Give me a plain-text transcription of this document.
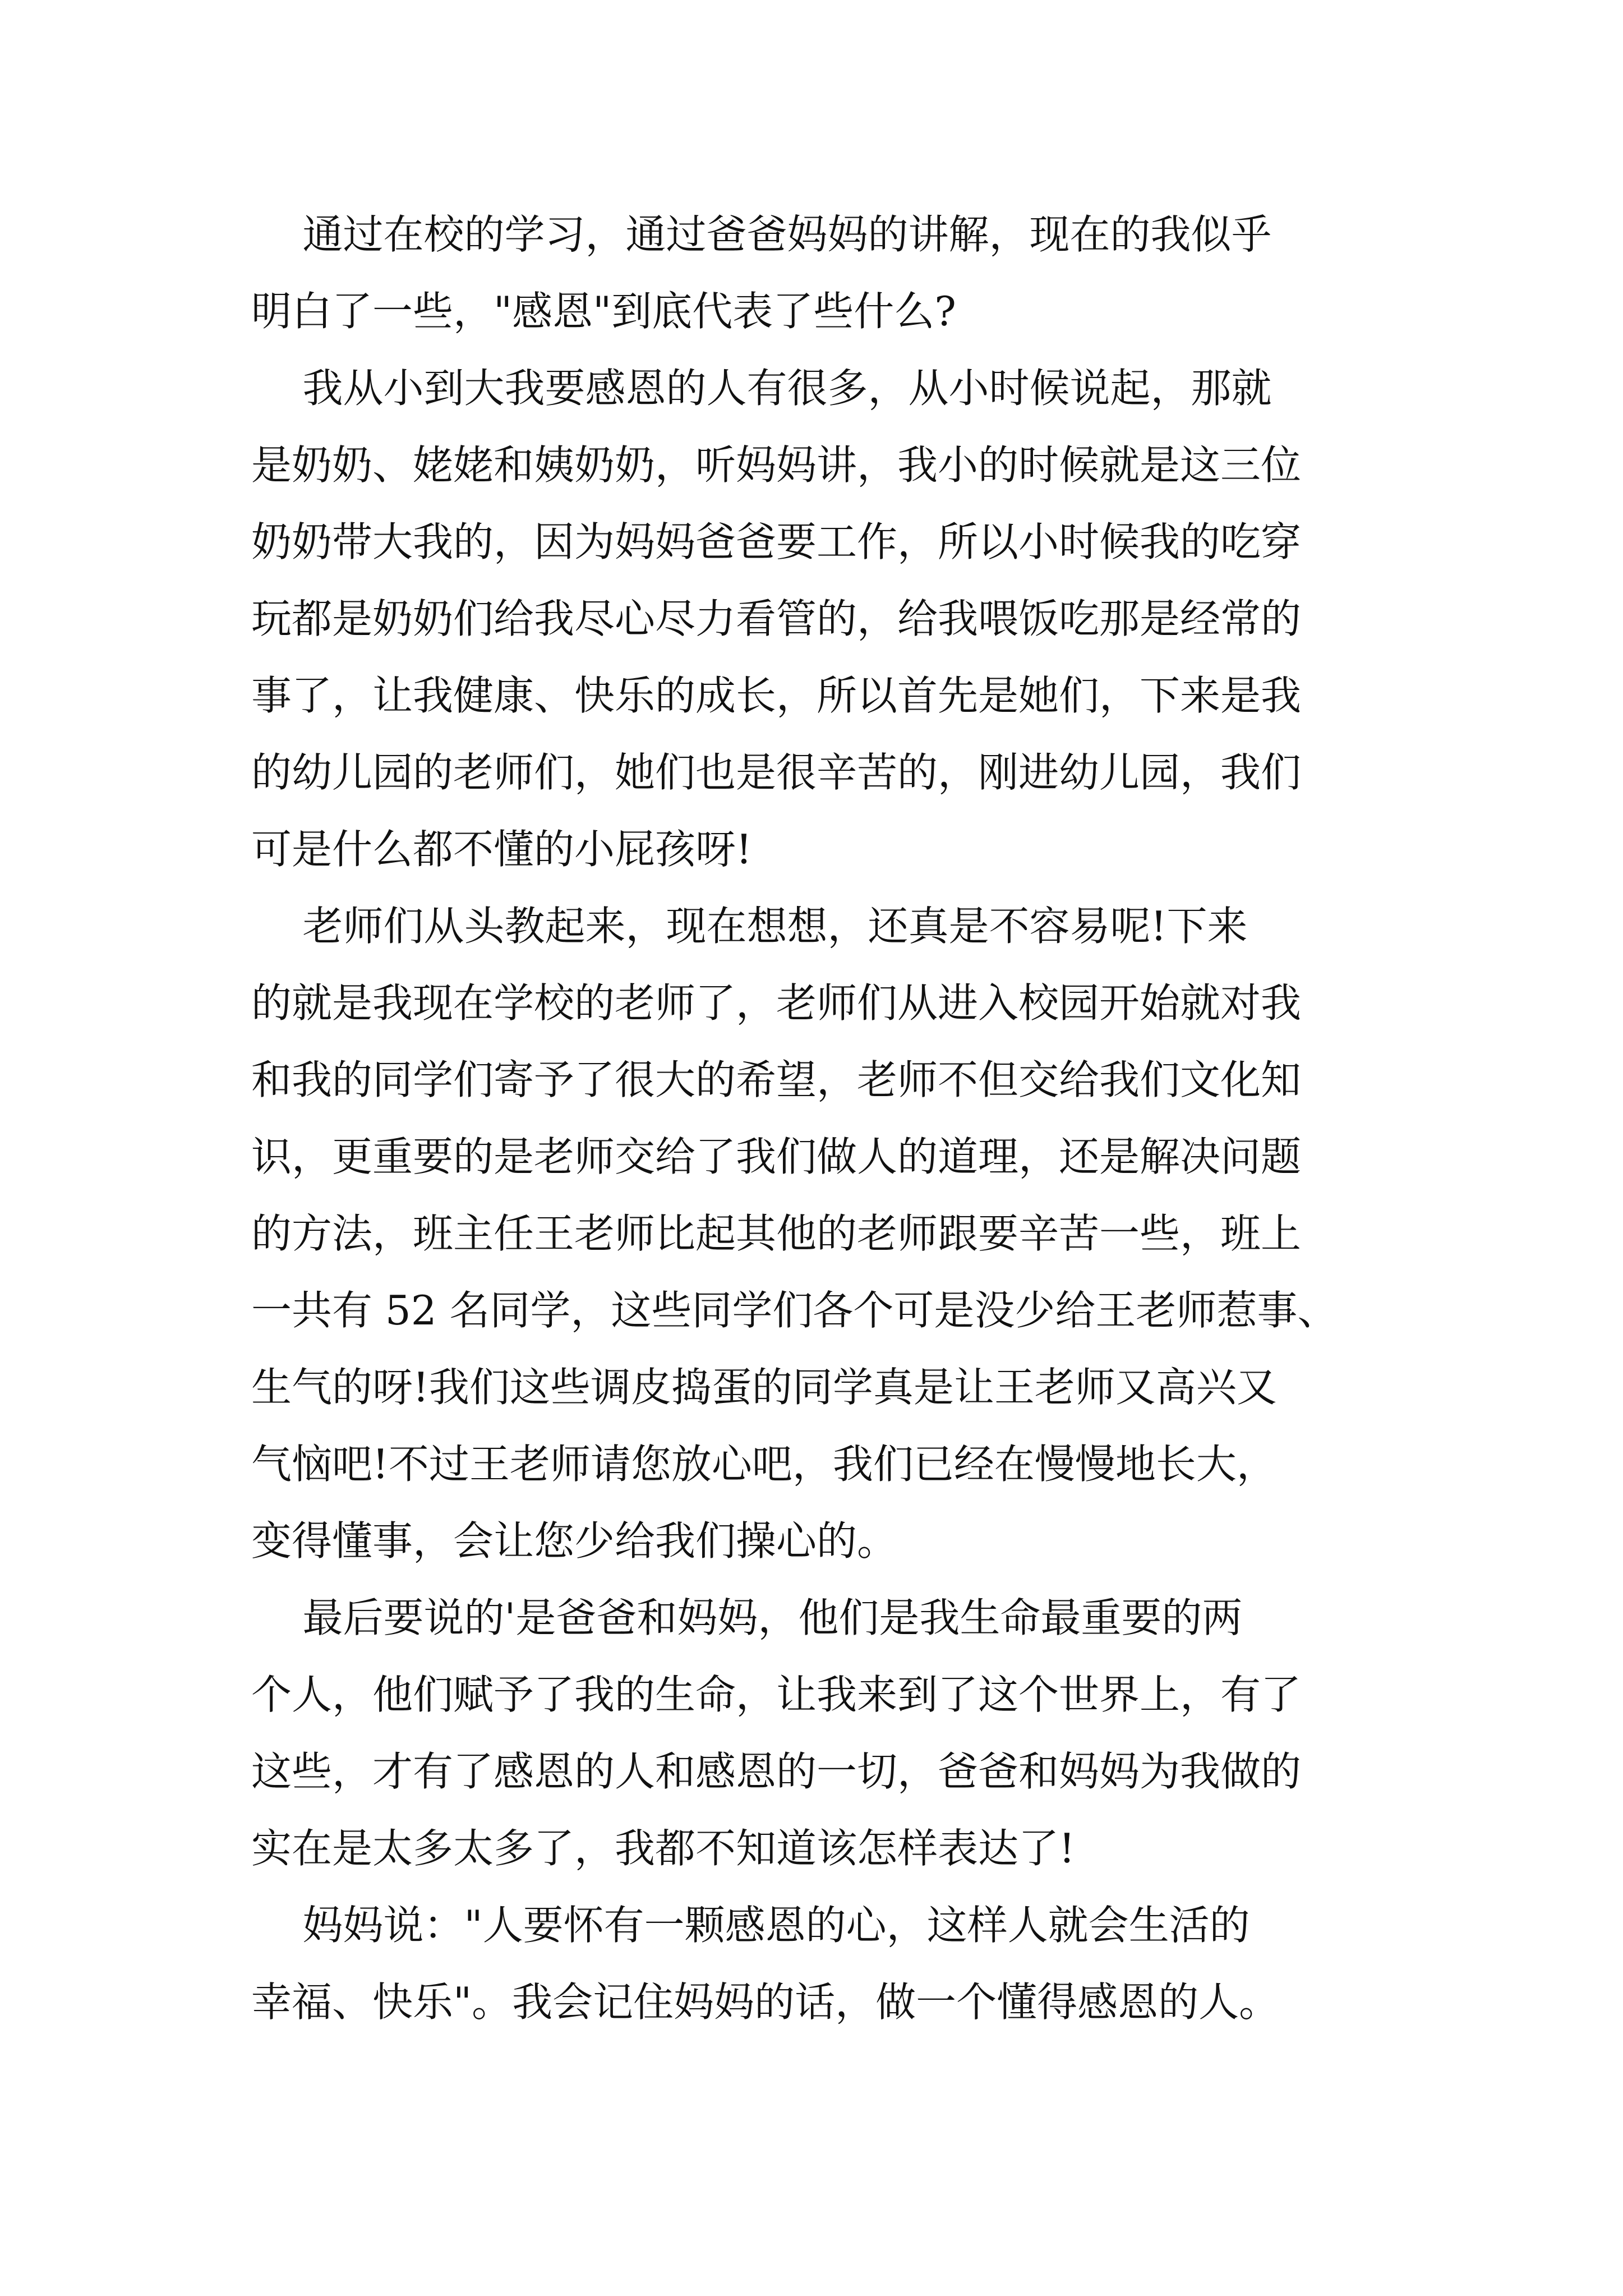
通过在校的学习，通过爸爸妈妈的讲解，现在的我似乎
明白了一些，"感恩"到底代表了些什么?
我从小到大我要感恩的人有很多，从小时候说起，那就
是奶奶、姥姥和姨奶奶，听妈妈讲，我小的时候就是这三位
奶奶带大我的，因为妈妈爸爸要工作，所以小时候我的吃穿
玩都是奶奶们给我尽心尽力看管的，给我喂饭吃那是经常的
事了，让我健康、快乐的成长，所以首先是她们，下来是我
的幼儿园的老师们，她们也是很辛苦的，刚进幼儿园，我们
可是什么都不懂的小屁孩呀!
老师们从头教起来，现在想想，还真是不容易呢!下来
的就是我现在学校的老师了，老师们从进入校园开始就对我
和我的同学们寄予了很大的希望，老师不但交给我们文化知
识，更重要的是老师交给了我们做人的道理，还是解决问题
的方法，班主任王老师比起其他的老师跟要辛苦一些，班上
一共有 52 名同学，这些同学们各个可是没少给王老师惹事、
生气的呀!我们这些调皮捣蛋的同学真是让王老师又高兴又
气恼吧!不过王老师请您放心吧，我们已经在慢慢地长大，
变得懂事，会让您少给我们操心的。
最后要说的'是爸爸和妈妈，他们是我生命最重要的两
个人，他们赋予了我的生命，让我来到了这个世界上，有了
这些，才有了感恩的人和感恩的一切，爸爸和妈妈为我做的
实在是太多太多了，我都不知道该怎样表达了!
妈妈说："人要怀有一颗感恩的心，这样人就会生活的
幸福、快乐"。我会记住妈妈的话，做一个懂得感恩的人。
